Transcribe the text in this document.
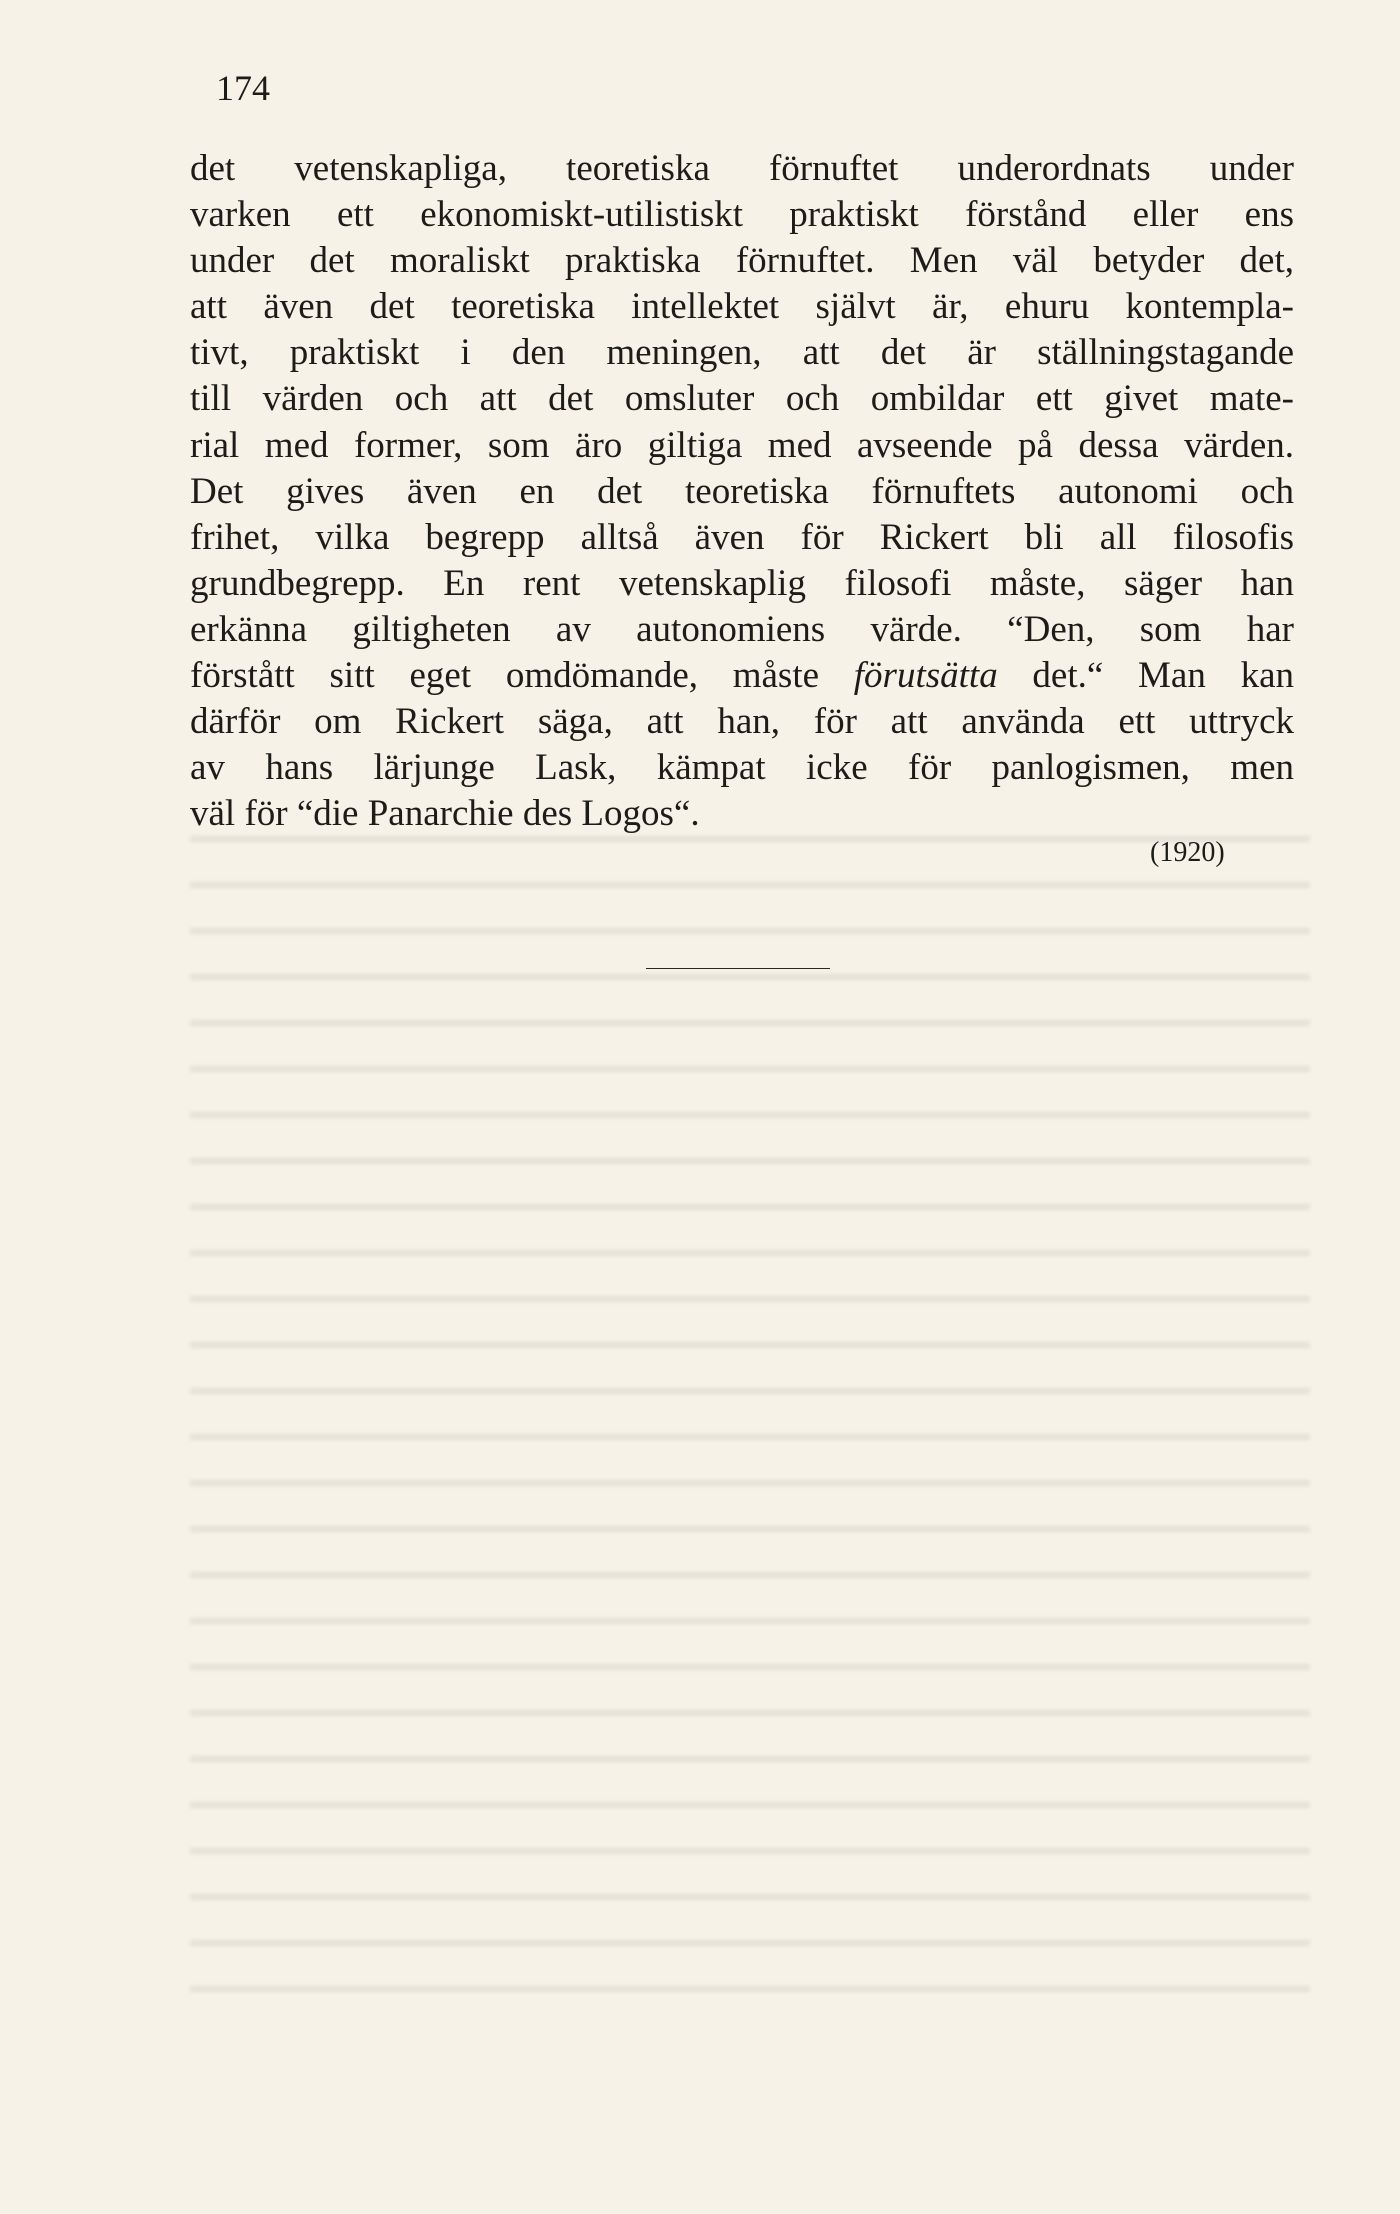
174
det vetenskapliga, teoretiska förnuftet underordnats under
varken ett ekonomiskt-utilistiskt praktiskt förstånd eller ens
under det moraliskt praktiska förnuftet. Men väl betyder det,
att även det teoretiska intellektet självt är, ehuru kontempla-
tivt, praktiskt i den meningen, att det är ställningstagande
till värden och att det omsluter och ombildar ett givet mate-
rial med former, som äro giltiga med avseende på dessa värden.
Det gives även en det teoretiska förnuftets autonomi och
frihet, vilka begrepp alltså även för Rickert bli all filosofis
grundbegrepp. En rent vetenskaplig filosofi måste, säger han
erkänna giltigheten av autonomiens värde. “Den, som har
förstått sitt eget omdömande, måste förutsätta det.“ Man kan
därför om Rickert säga, att han, för att använda ett uttryck
av hans lärjunge Lask, kämpat icke för panlogismen, men
väl för “die Panarchie des Logos“.
(1920)
